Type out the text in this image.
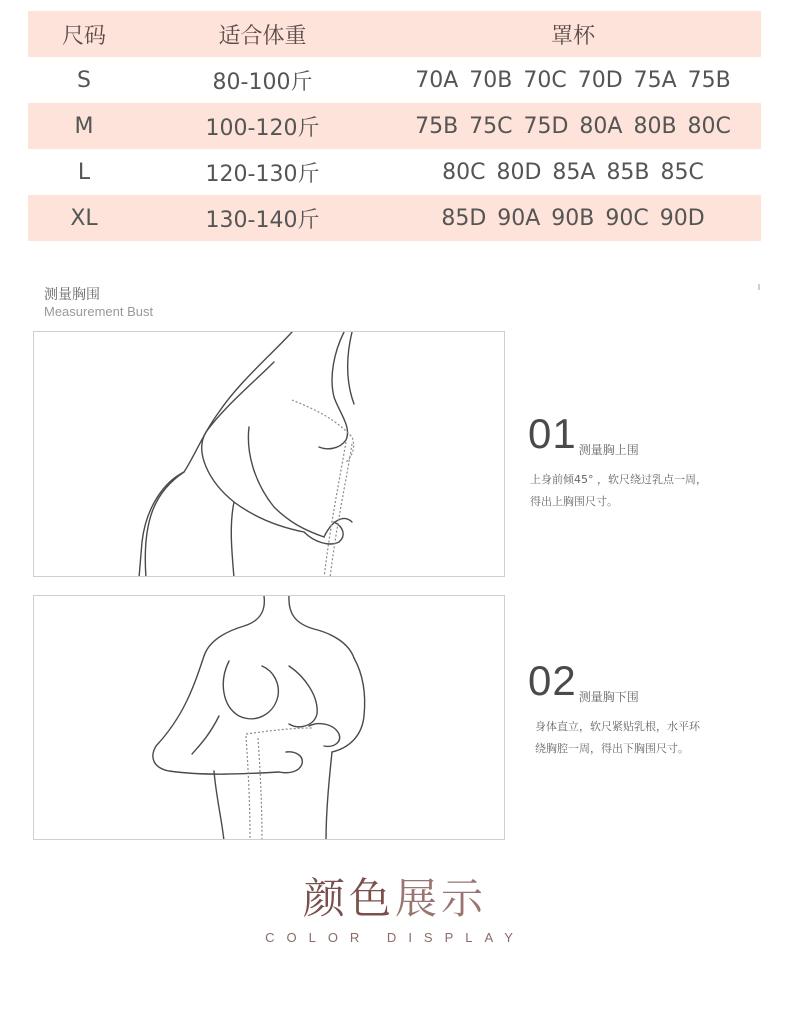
尺码	适合体重	罩杯
S	80-100斤	70A 70B 70C 70D 75A 75B
M	100-120斤	75B 75C 75D 80A 80B 80C
L	120-130斤	80C 80D 85A 85B 85C
XL	130-140斤	85D 90A 90B 90C 90D
测量胸围
Measurement Bust
01 测量胸上围
上身前倾45° ，软尺绕过乳点一周，
得出上胸围尺寸。
02 测量胸下围
身体直立，软尺紧贴乳根，水平环
绕胸腔一周，得出下胸围尺寸。
颜色展示
COLOR DISPLAY
